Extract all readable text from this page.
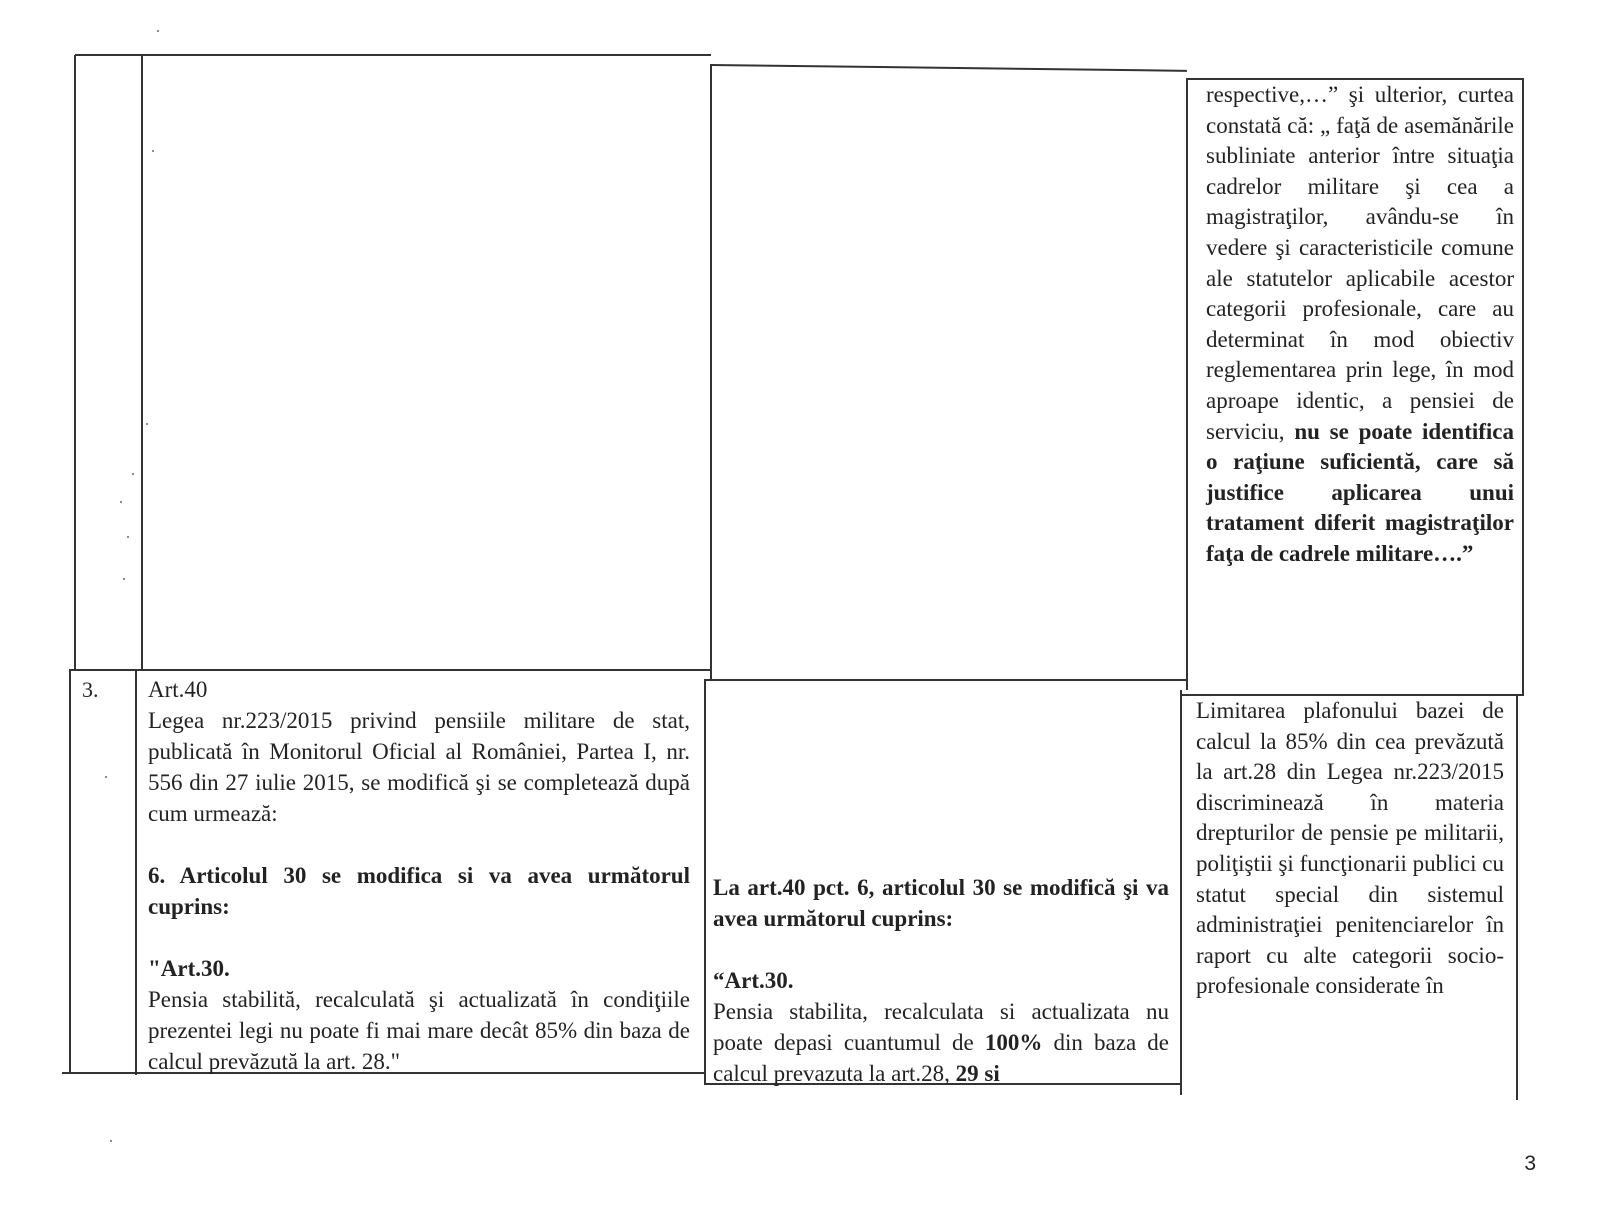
respective,…” şi ulterior, curtea constată că: „ faţă de asemănările subliniate anterior între situaţia cadrelor militare şi cea a magistraţilor, avându-se în vedere şi caracteristicile comune ale statutelor aplicabile acestor categorii profesionale, care au determinat în mod obiectiv reglementarea prin lege, în mod aproape identic, a pensiei de serviciu, nu se poate identifica o raţiune suficientă, care să justifice aplicarea unui tratament diferit magistraţilor faţa de cadrele militare….”
3. Art.40

Legea nr.223/2015 privind pensiile militare de stat, publicată în Monitorul Oficial al României, Partea I, nr. 556 din 27 iulie 2015, se modifică şi se completează după cum urmează:

6. Articolul 30 se modifica si va avea următorul cuprins:

"Art.30.

Pensia stabilită, recalculată şi actualizată în condiţiile prezentei legi nu poate fi mai mare decât 85% din baza de calcul prevăzută la art. 28."

La art.40 pct. 6, articolul 30 se modifică şi va avea următorul cuprins:

“Art.30.

Pensia stabilita, recalculata si actualizata nu poate depasi cuantumul de 100% din baza de calcul prevazuta la art.28, 29 si

Limitarea plafonului bazei de calcul la 85% din cea prevăzută la art.28 din Legea nr.223/2015 discriminează în materia drepturilor de pensie pe militarii, poliţiştii şi funcţionarii publici cu statut special din sistemul administraţiei penitenciarelor în raport cu alte categorii socio-profesionale considerate în
3
